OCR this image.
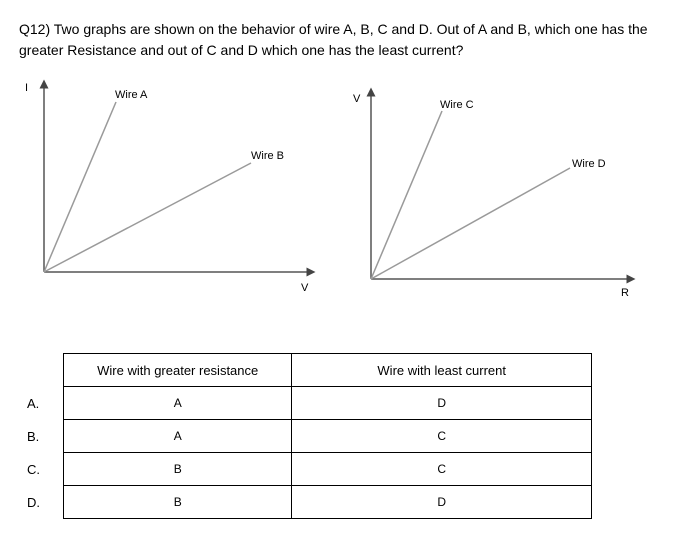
Q12) Two graphs are shown on the behavior of wire A, B, C and D. Out of A and B, which one has the greater Resistance and out of C and D which one has the least current?

I
V
Wire A
Wire B
V
R
Wire C
Wire D
Wire with greater resistance	Wire with least current
A	D
A	C
B	C
B	D
A.
B.
C.
D.
